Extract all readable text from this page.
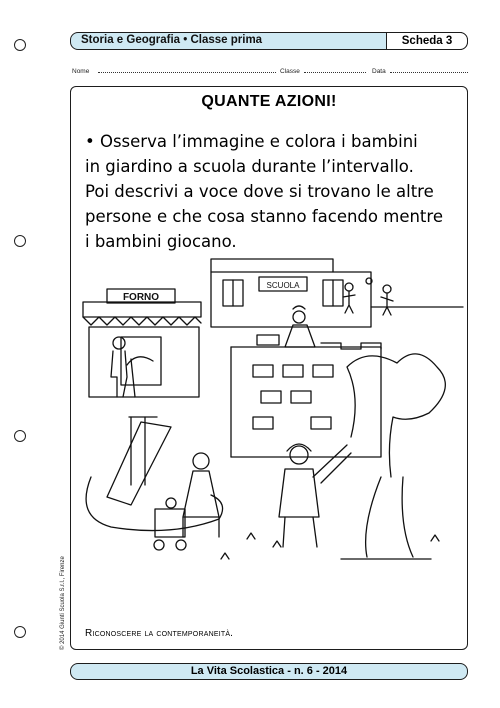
Storia e Geografia • Classe prima	Scheda 3
Nome	Classe	Data
QUANTE AZIONI!
• Osserva l’immagine e colora i bambini
in giardino a scuola durante l’intervallo.
Poi descrivi a voce dove si trovano le altre
persone e che cosa stanno facendo mentre
i bambini giocano.
SCUOLA
FORNO
Riconoscere la contemporaneità.
© 2014 Giunti Scuola S.r.l., Firenze
La Vita Scolastica - n. 6 - 2014
